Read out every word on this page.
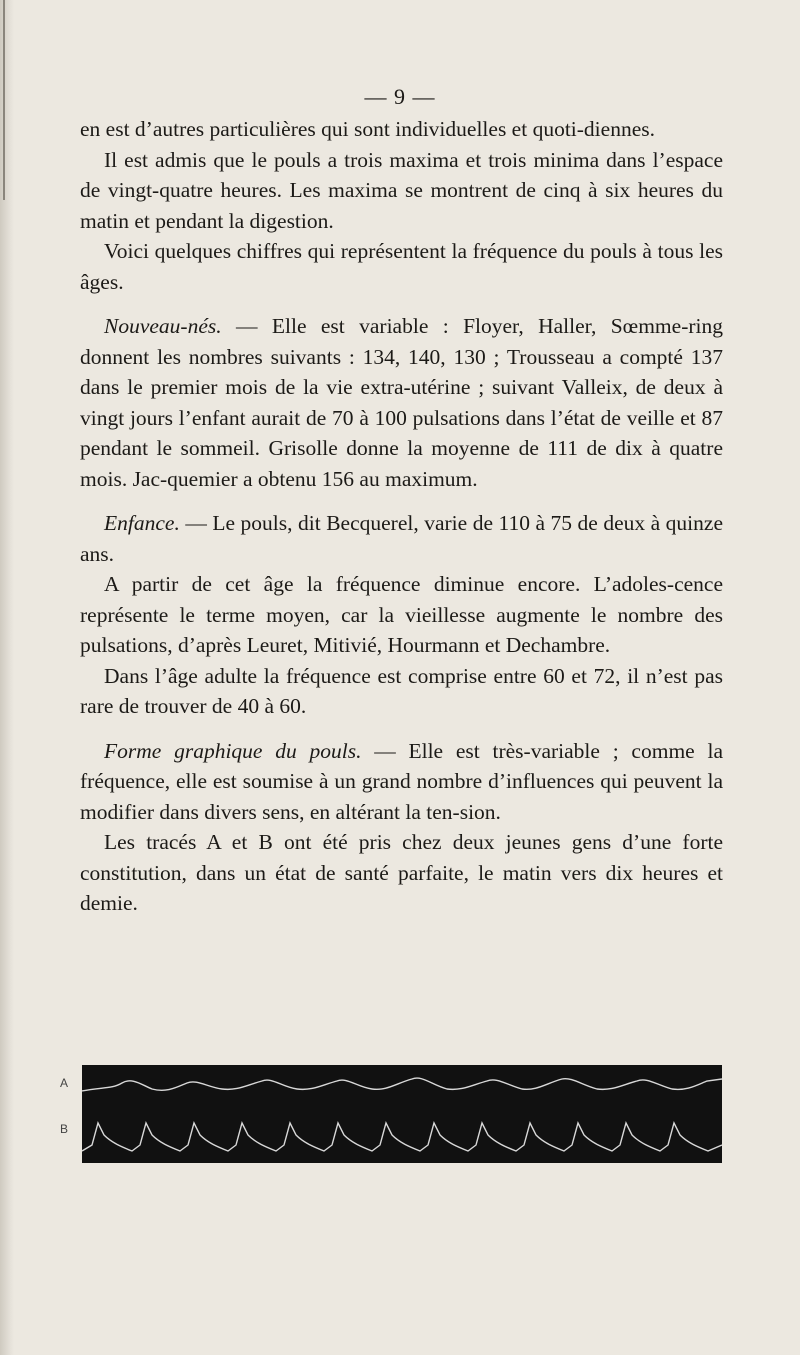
— 9 —

en est d’autres particulières qui sont individuelles et quoti-diennes.

Il est admis que le pouls a trois maxima et trois minima dans l’espace de vingt-quatre heures. Les maxima se montrent de cinq à six heures du matin et pendant la digestion.

Voici quelques chiffres qui représentent la fréquence du pouls à tous les âges.

Nouveau-nés. — Elle est variable : Floyer, Haller, Sœmme-ring donnent les nombres suivants : 134, 140, 130 ; Trousseau a compté 137 dans le premier mois de la vie extra-utérine ; suivant Valleix, de deux à vingt jours l’enfant aurait de 70 à 100 pulsations dans l’état de veille et 87 pendant le sommeil. Grisolle donne la moyenne de 111 de dix à quatre mois. Jac-quemier a obtenu 156 au maximum.

Enfance. — Le pouls, dit Becquerel, varie de 110 à 75 de deux à quinze ans.

A partir de cet âge la fréquence diminue encore. L’adoles-cence représente le terme moyen, car la vieillesse augmente le nombre des pulsations, d’après Leuret, Mitivié, Hourmann et Dechambre.

Dans l’âge adulte la fréquence est comprise entre 60 et 72, il n’est pas rare de trouver de 40 à 60.

Forme graphique du pouls. — Elle est très-variable ; comme la fréquence, elle est soumise à un grand nombre d’influences qui peuvent la modifier dans divers sens, en altérant la ten-sion.

Les tracés A et B ont été pris chez deux jeunes gens d’une forte constitution, dans un état de santé parfaite, le matin vers dix heures et demie.

A
B
